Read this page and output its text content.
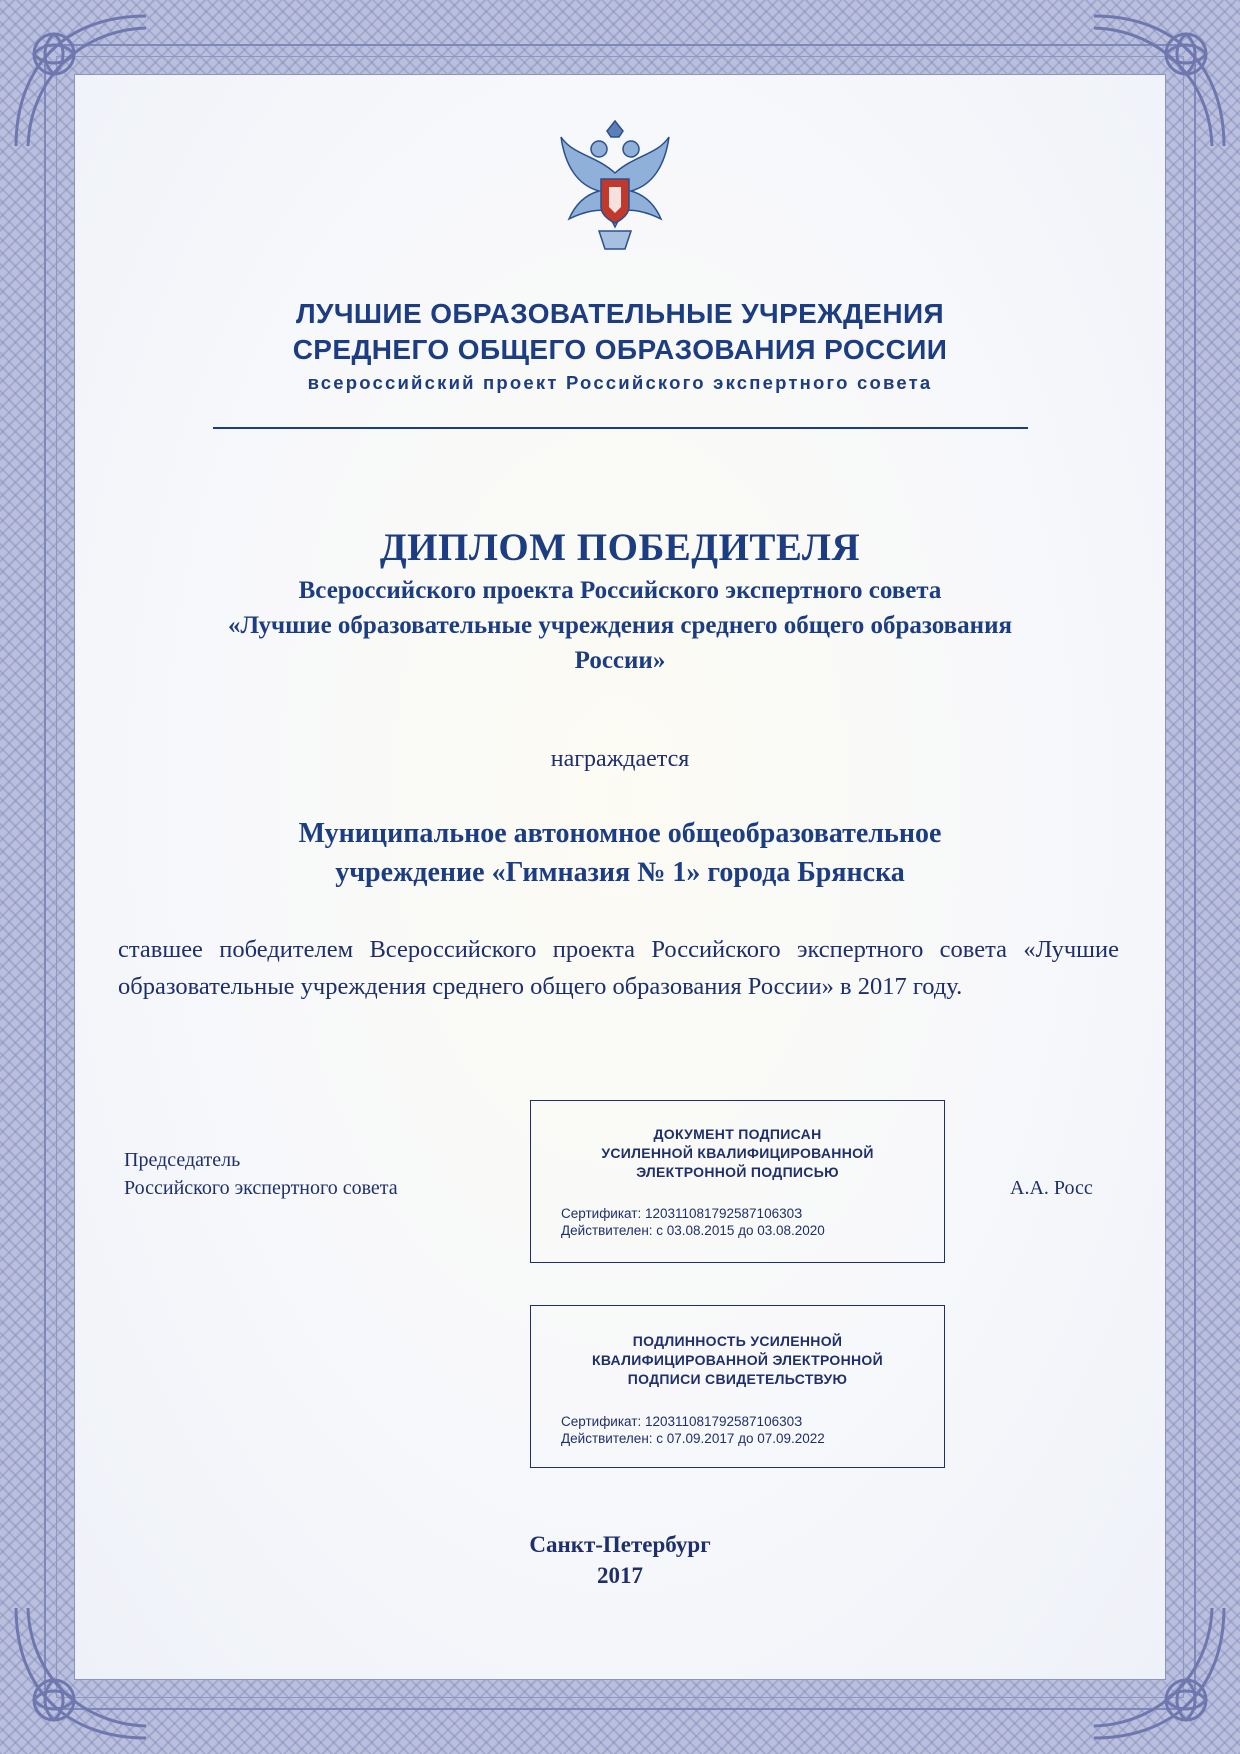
ЛУЧШИЕ ОБРАЗОВАТЕЛЬНЫЕ УЧРЕЖДЕНИЯ
СРЕДНЕГО ОБЩЕГО ОБРАЗОВАНИЯ РОССИИ
всероссийский проект Российского экспертного совета
ДИПЛОМ ПОБЕДИТЕЛЯ
Всероссийского проекта Российского экспертного совета
«Лучшие образовательные учреждения среднего общего образования
России»
награждается
Муниципальное автономное общеобразовательное
учреждение «Гимназия № 1» города Брянска
ставшее победителем Всероссийского проекта Российского экспертного совета «Лучшие образовательные учреждения среднего общего образования России» в 2017 году.
Председатель
Российского экспертного совета	А.А. Росс
ДОКУМЕНТ ПОДПИСАН
УСИЛЕННОЙ КВАЛИФИЦИРОВАННОЙ
ЭЛЕКТРОННОЙ ПОДПИСЬЮ
Сертификат: 12031108179258710630З
Действителен: с 03.08.2015 до 03.08.2020
ПОДЛИННОСТЬ УСИЛЕННОЙ
КВАЛИФИЦИРОВАННОЙ ЭЛЕКТРОННОЙ
ПОДПИСИ СВИДЕТЕЛЬСТВУЮ
Сертификат: 12031108179258710630З
Действителен: с 07.09.2017 до 07.09.2022
Санкт-Петербург
2017
